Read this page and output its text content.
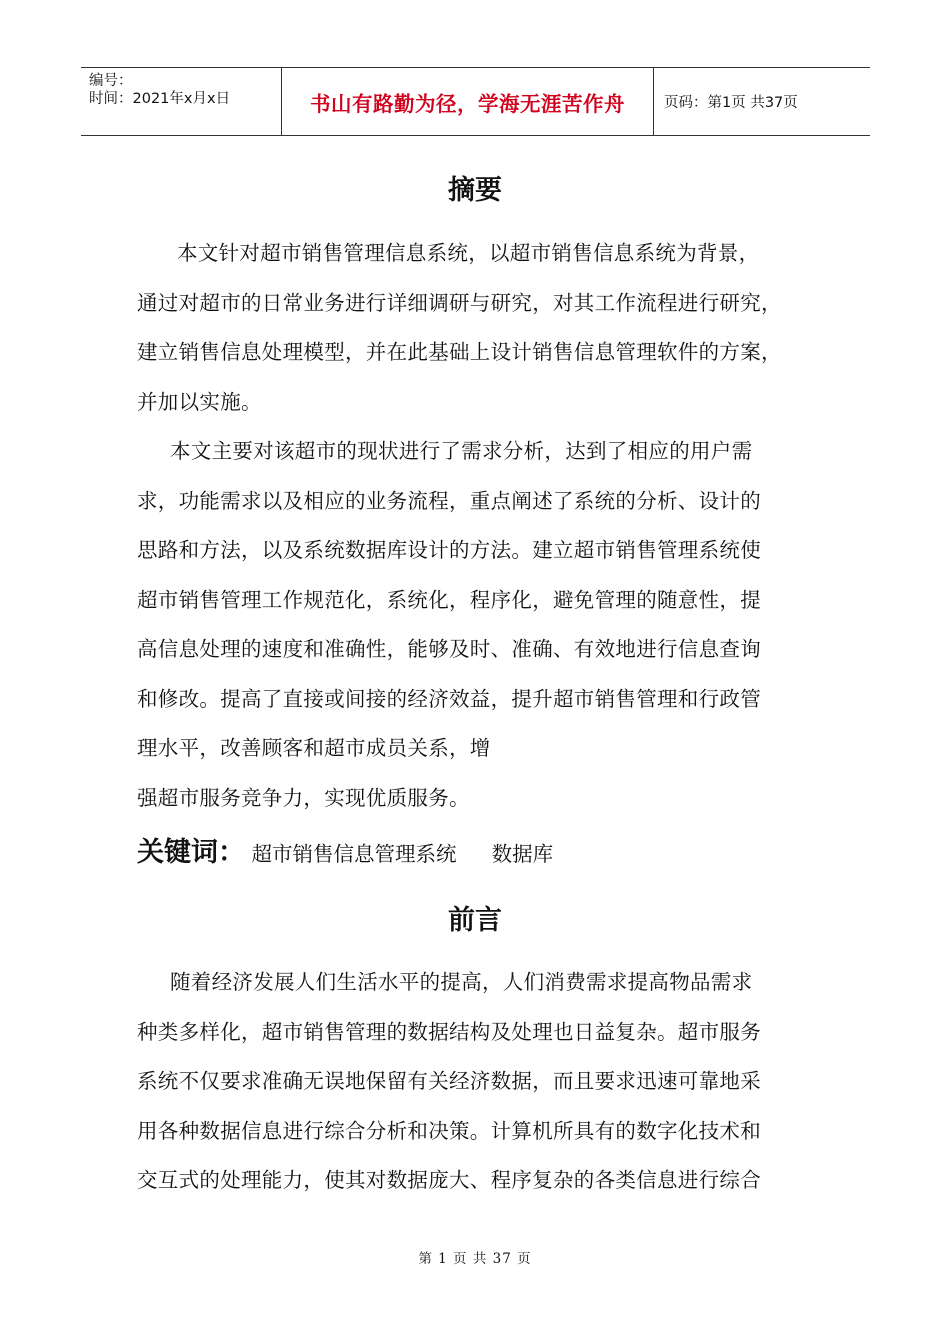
编号：
时间：2021年x月x日	书山有路勤为径，学海无涯苦作舟	页码：第1页 共37页
摘要
本文针对超市销售管理信息系统，以超市销售信息系统为背景，
通过对超市的日常业务进行详细调研与研究，对其工作流程进行研究，
建立销售信息处理模型，并在此基础上设计销售信息管理软件的方案，
并加以实施。
本文主要对该超市的现状进行了需求分析，达到了相应的用户需
求，功能需求以及相应的业务流程，重点阐述了系统的分析、设计的
思路和方法，以及系统数据库设计的方法。建立超市销售管理系统使
超市销售管理工作规范化，系统化，程序化，避免管理的随意性，提
高信息处理的速度和准确性，能够及时、准确、有效地进行信息查询
和修改。提高了直接或间接的经济效益，提升超市销售管理和行政管
理水平，改善顾客和超市成员关系，增
强超市服务竞争力，实现优质服务。
关键词： 超市销售信息管理系统 数据库
前言
随着经济发展人们生活水平的提高，人们消费需求提高物品需求
种类多样化，超市销售管理的数据结构及处理也日益复杂。超市服务
系统不仅要求准确无误地保留有关经济数据，而且要求迅速可靠地采
用各种数据信息进行综合分析和决策。计算机所具有的数字化技术和
交互式的处理能力，使其对数据庞大、程序复杂的各类信息进行综合
第 1 页 共 37 页
